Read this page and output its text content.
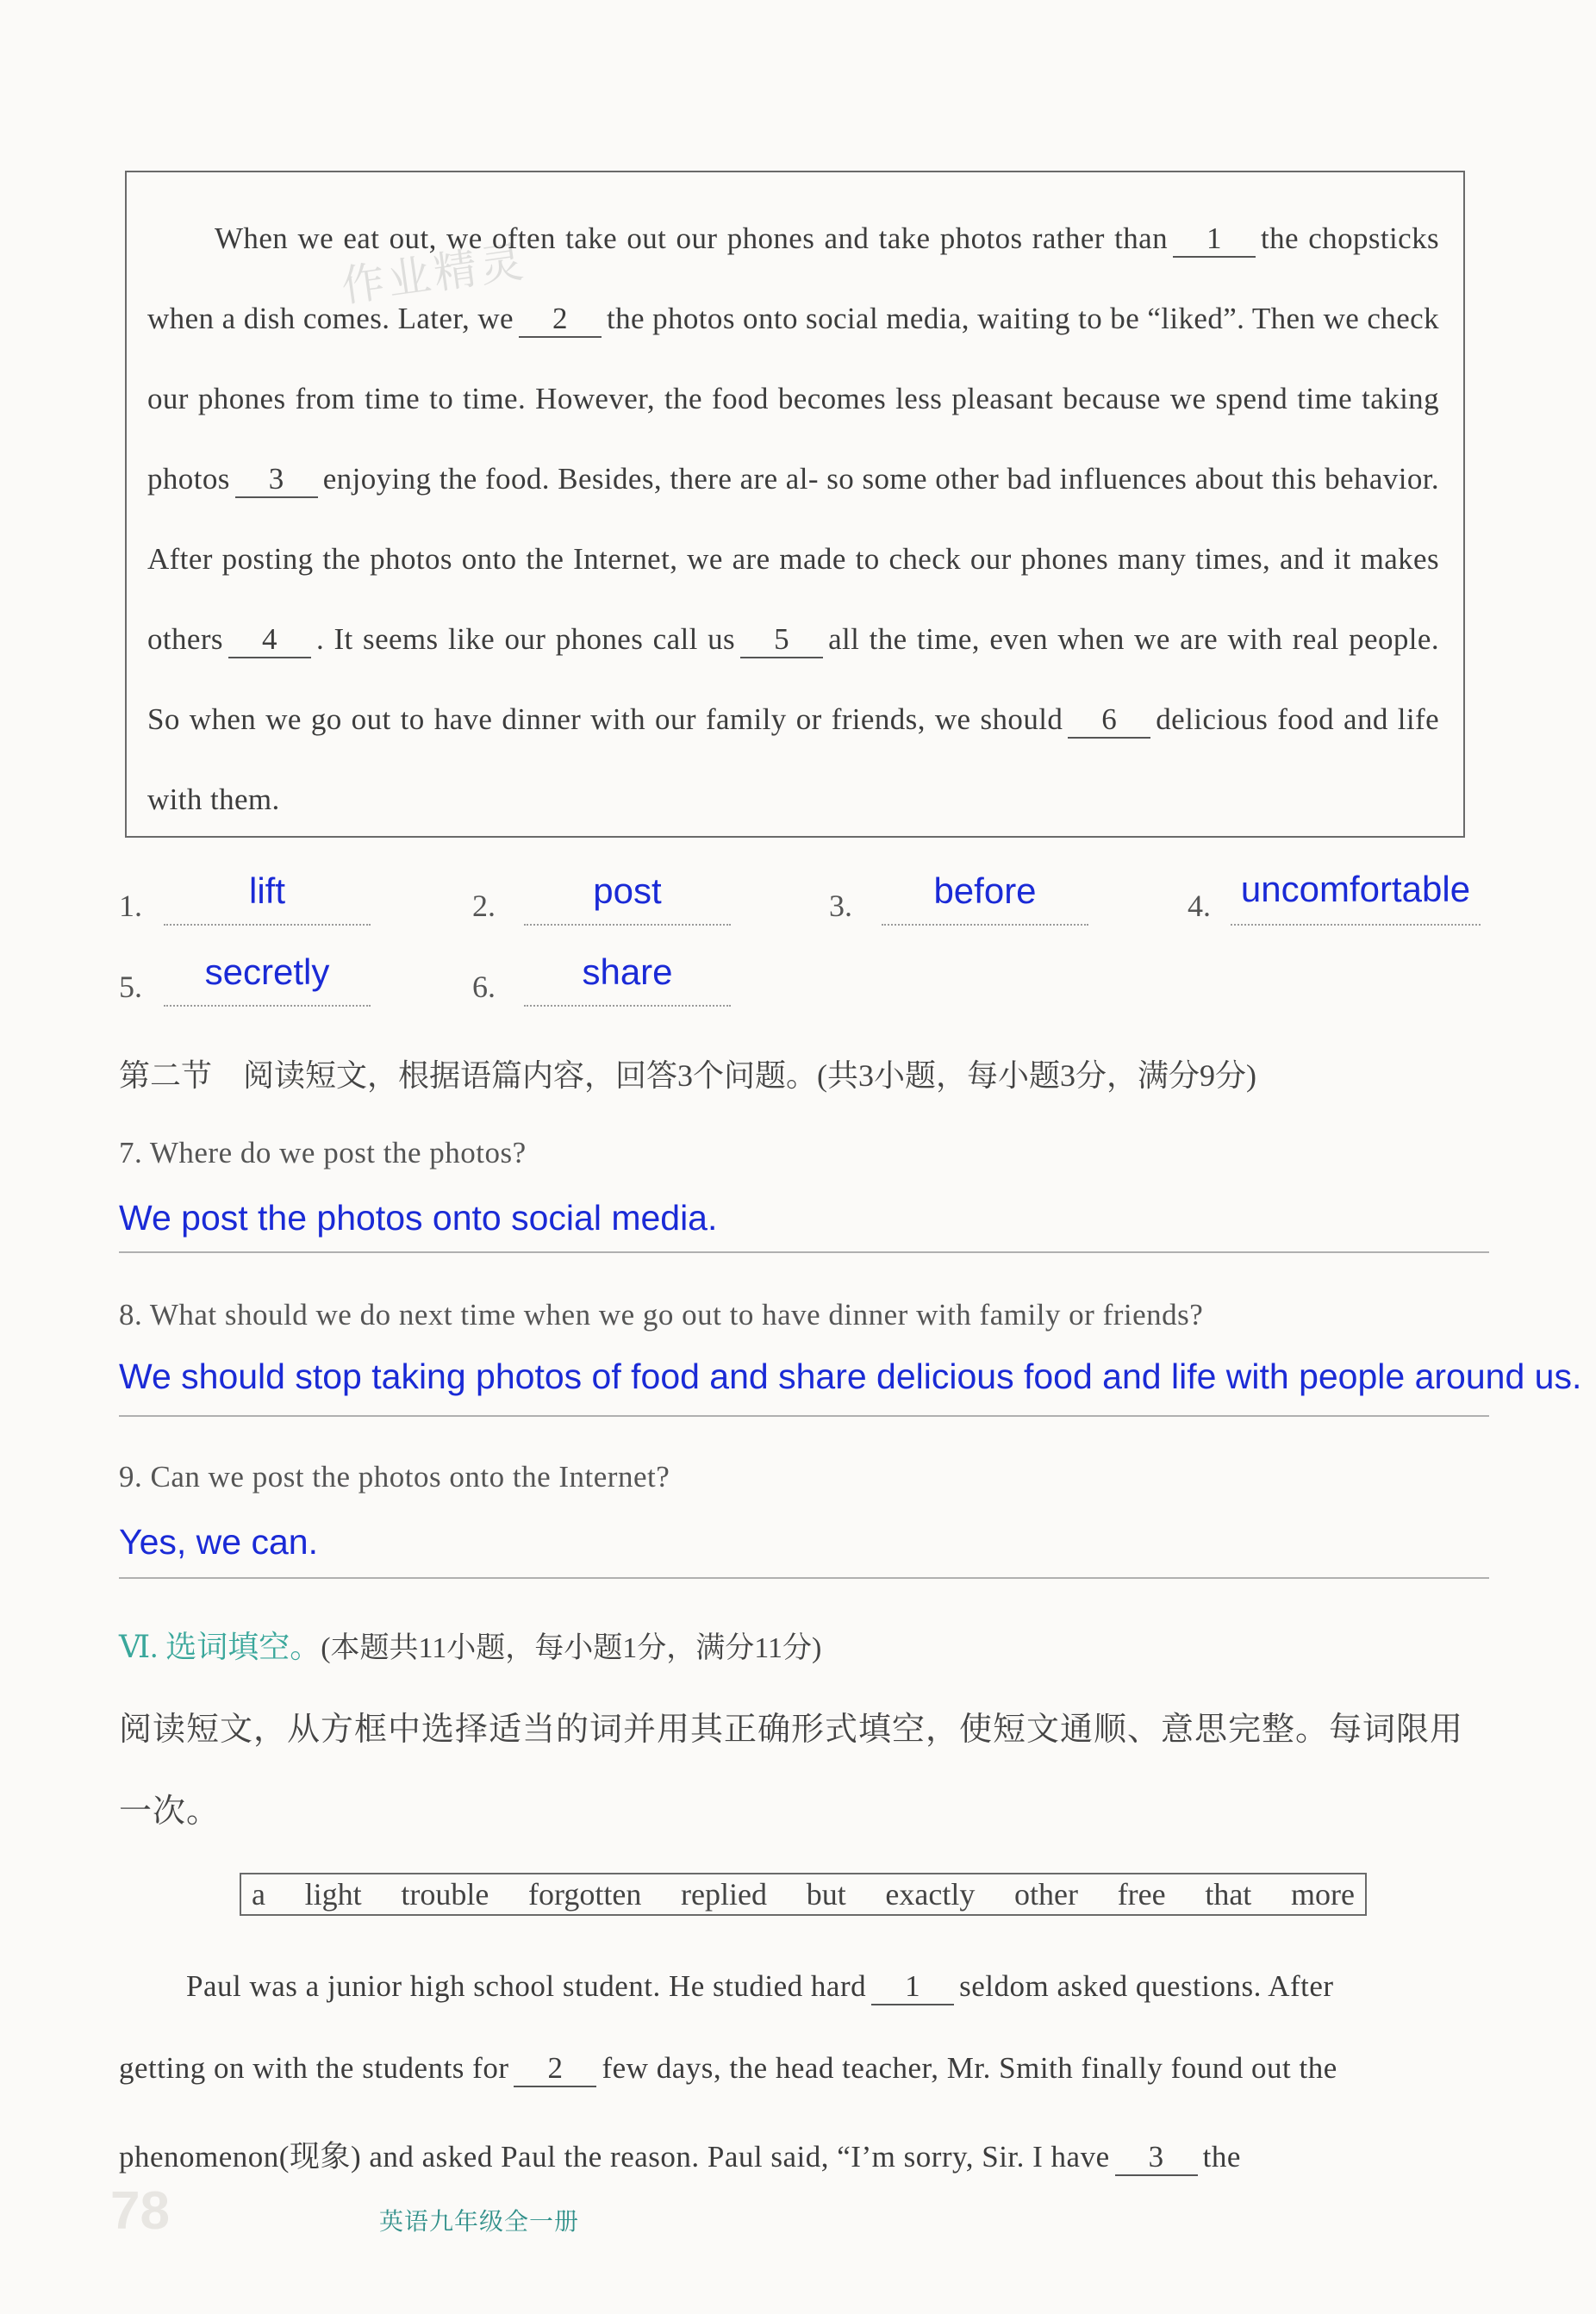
作业精灵

When we eat out, we often take out our phones and take photos rather than 1 the chopsticks when a dish comes. Later, we 2 the photos onto social media, waiting to be “liked”. Then we check our phones from time to time. However, the food becomes less pleasant because we spend time taking photos 3 enjoying the food. Besides, there are al- so some other bad influences about this behavior. After posting the photos onto the Internet, we are made to check our phones many times, and it makes others 4 . It seems like our phones call us 5 all the time, even when we are with real people. So when we go out to have dinner with our family or friends, we should 6 delicious food and life with them.

1.	lift	2.	post	3.	before	4. uncomfortable
5.	secretly	6.	share
第二节　阅读短文，根据语篇内容，回答3个问题。(共3小题，每小题3分，满分9分)
7. Where do we post the photos?
We post the photos onto social media.
8. What should we do next time when we go out to have dinner with family or friends?
We should stop taking photos of food and share delicious food and life with people around us.
9. Can we post the photos onto the Internet?
Yes, we can.
Ⅵ. 选词填空。(本题共11小题，每小题1分，满分11分)
阅读短文，从方框中选择适当的词并用其正确形式填空，使短文通顺、意思完整。每词限用
一次。
a light trouble forgotten replied but exactly other free that more

Paul was a junior high school student. He studied hard 1 seldom asked questions. After

getting on with the students for 2 few days, the head teacher, Mr. Smith finally found out the

phenomenon(现象) and asked Paul the reason. Paul said, “I’m sorry, Sir. I have 3 the

78	英语九年级全一册
